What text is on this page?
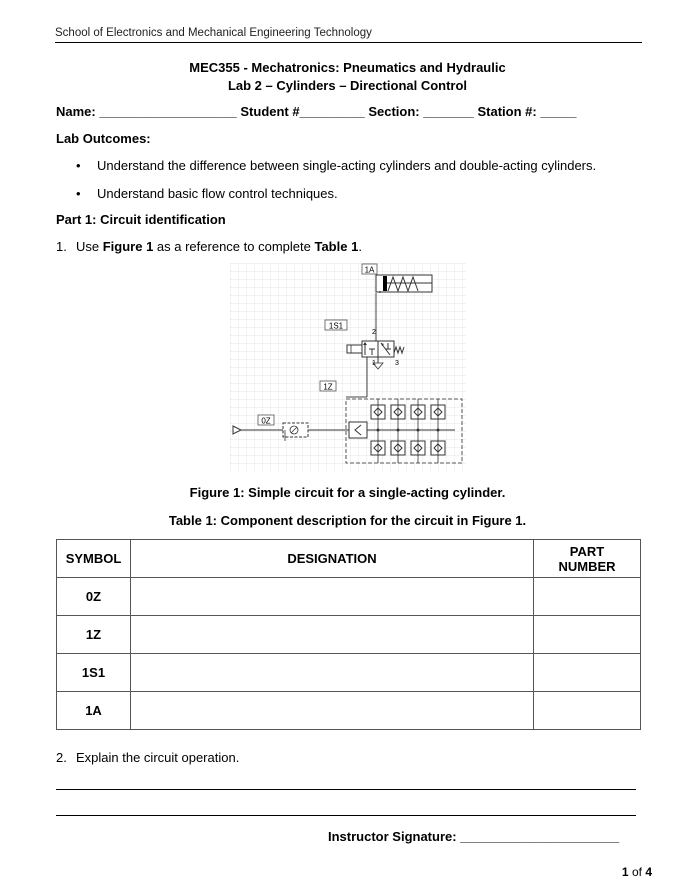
School of Electronics and Mechanical Engineering Technology
MEC355 - Mechatronics: Pneumatics and Hydraulic
Lab 2 – Cylinders – Directional Control
Name: ___________________ Student #_________ Section: _______ Station #: _____
Lab Outcomes:
• Understand the difference between single-acting cylinders and double-acting cylinders.
• Understand basic flow control techniques.
Part 1: Circuit identification
1. Use Figure 1 as a reference to complete Table 1.
1A
1S1
2
1	3
1Z
0Z
Figure 1: Simple circuit for a single-acting cylinder.
Table 1: Component description for the circuit in Figure 1.
SYMBOL	DESIGNATION	PART
NUMBER
0Z		
1Z		
1S1		
1A		
2. Explain the circuit operation.
Instructor Signature: ______________________
1 of 4
